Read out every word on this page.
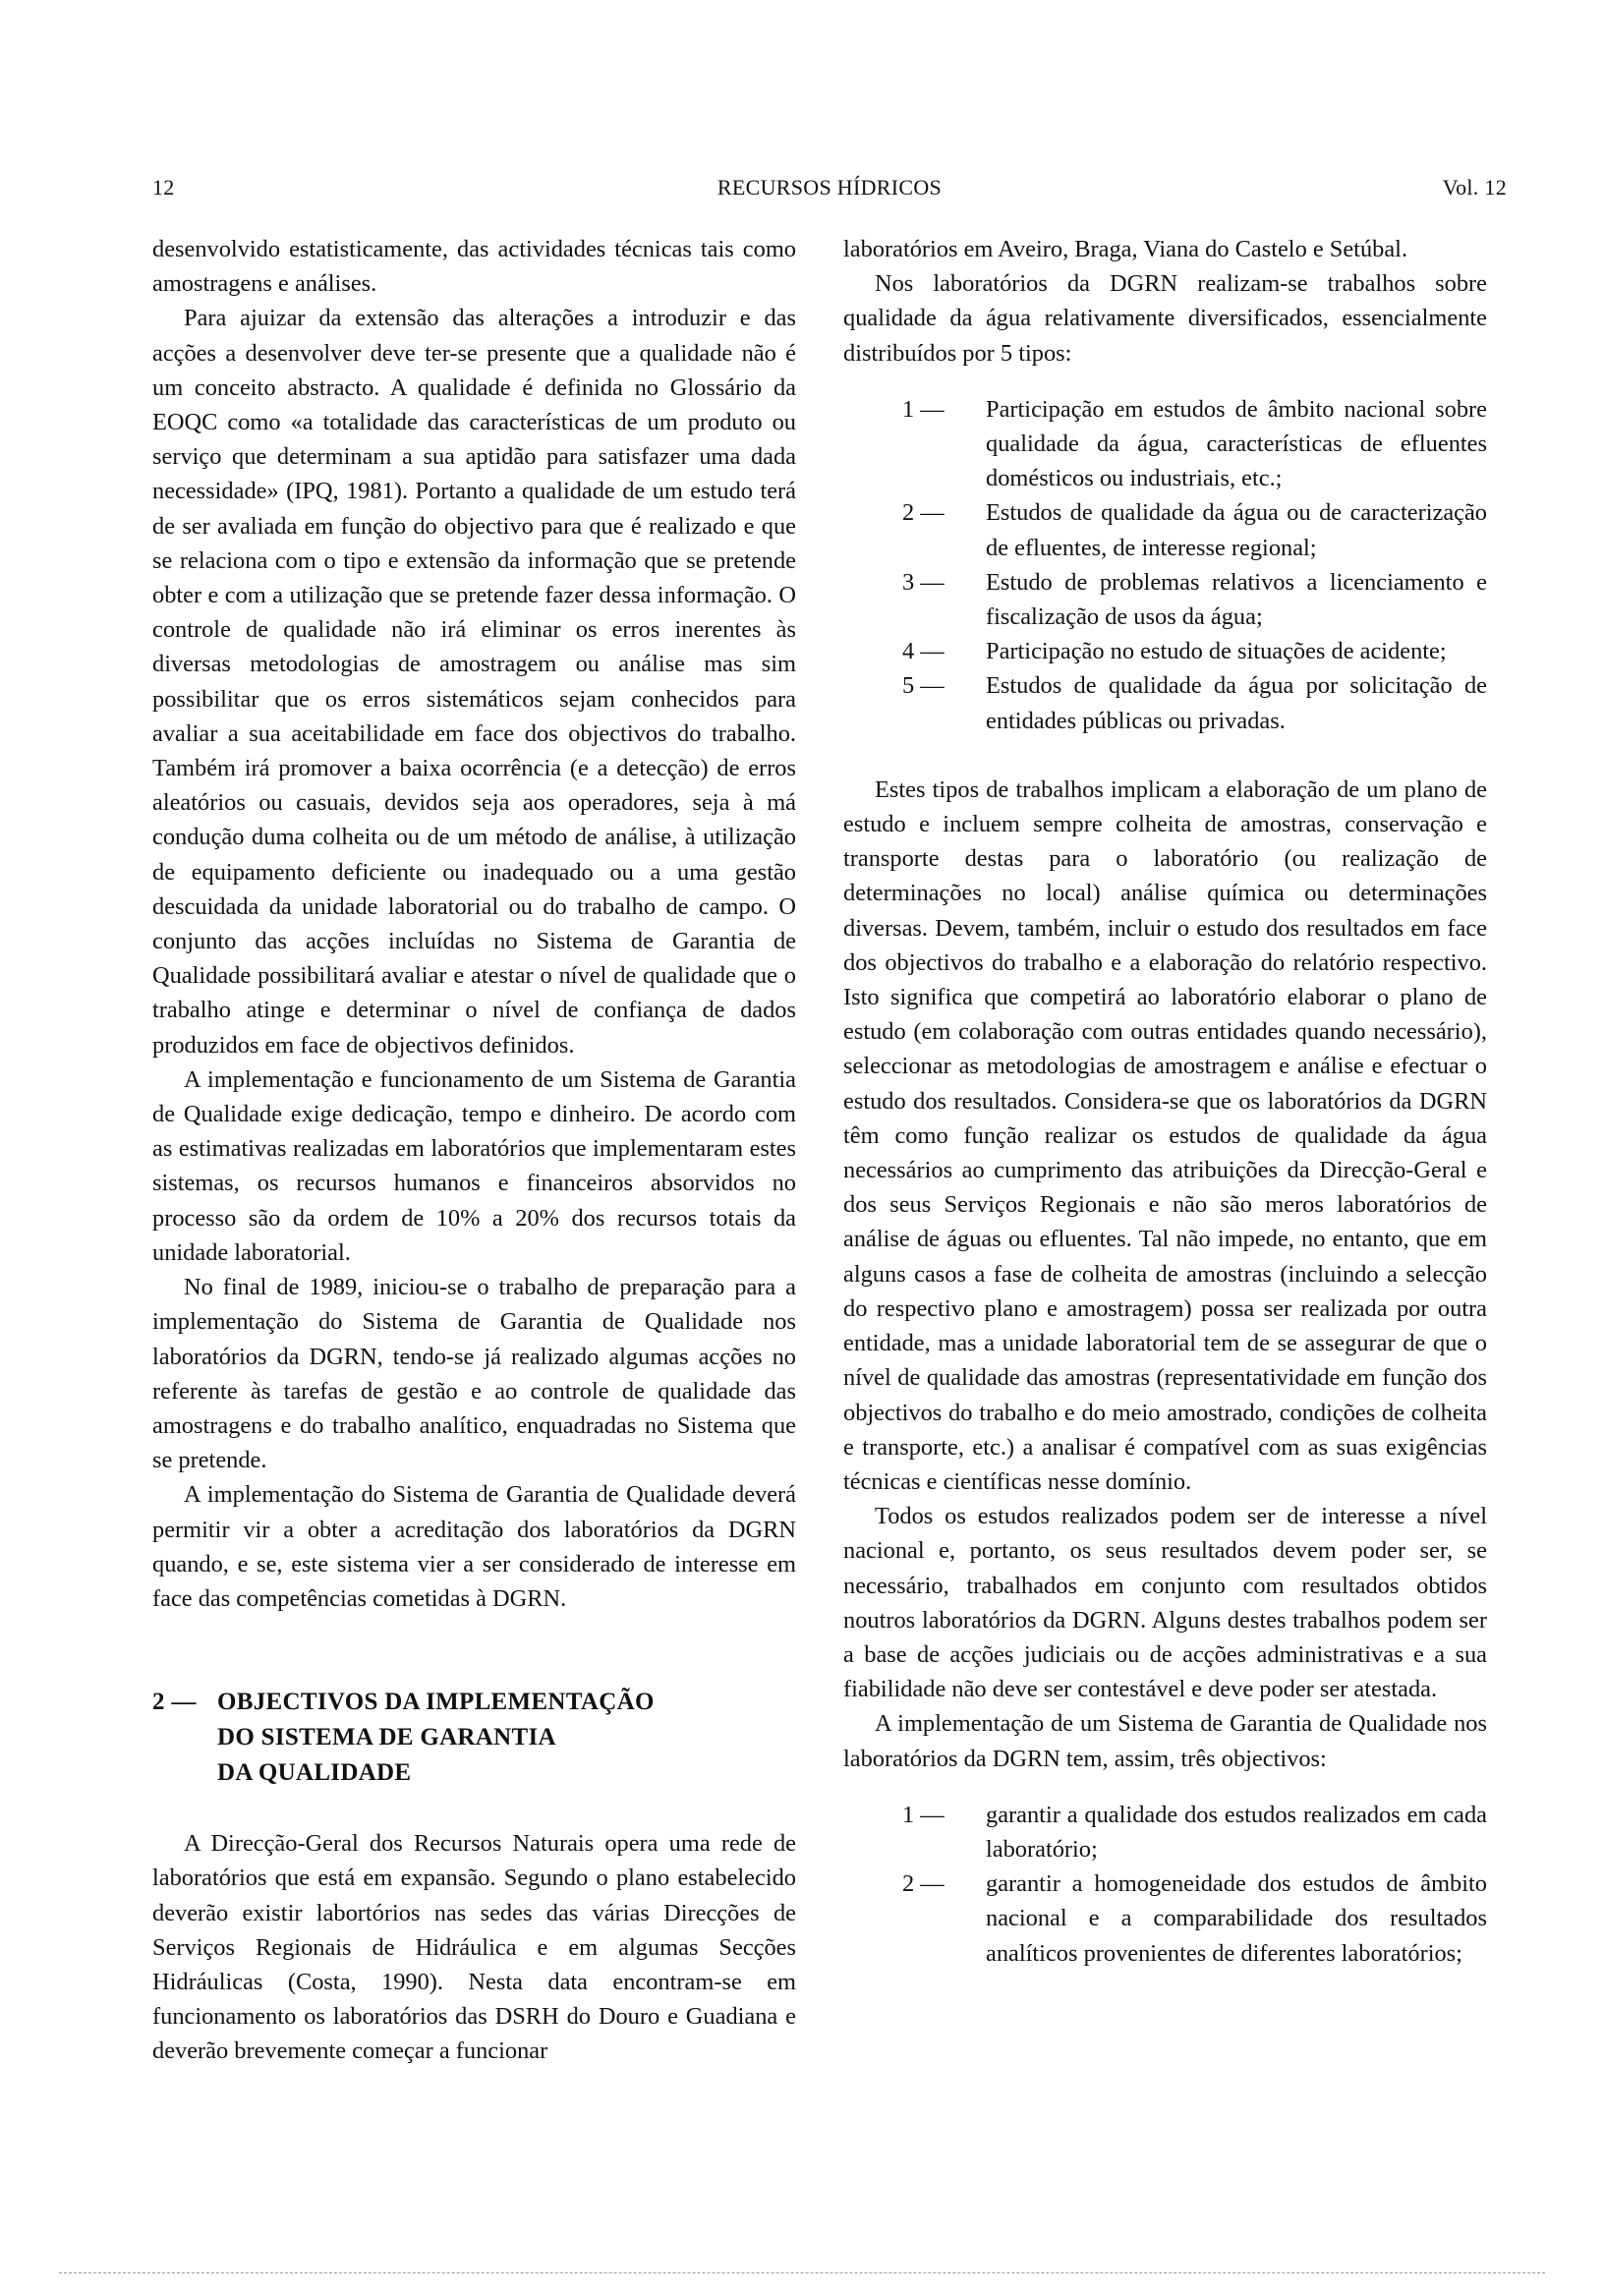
12	RECURSOS HÍDRICOS	Vol. 12

desenvolvido estatisticamente, das actividades técnicas tais como amostragens e análises.

Para ajuizar da extensão das alterações a introduzir e das acções a desenvolver deve ter-se presente que a qualidade não é um conceito abstracto. A qualidade é definida no Glossário da EOQC como «a totalidade das características de um produto ou serviço que determinam a sua aptidão para satisfazer uma dada necessidade» (IPQ, 1981). Portanto a qualidade de um estudo terá de ser avaliada em função do objectivo para que é realizado e que se relaciona com o tipo e extensão da informação que se pretende obter e com a utilização que se pretende fazer dessa informação. O controle de qualidade não irá eliminar os erros inerentes às diversas metodologias de amostragem ou análise mas sim possibilitar que os erros sistemáticos sejam conhecidos para avaliar a sua aceitabilidade em face dos objectivos do trabalho. Também irá promover a baixa ocorrência (e a detecção) de erros aleatórios ou casuais, devidos seja aos operadores, seja à má condução duma colheita ou de um método de análise, à utilização de equipamento deficiente ou inadequado ou a uma gestão descuidada da unidade laboratorial ou do trabalho de campo. O conjunto das acções incluídas no Sistema de Garantia de Qualidade possibilitará avaliar e atestar o nível de qualidade que o trabalho atinge e determinar o nível de confiança de dados produzidos em face de objectivos definidos.

A implementação e funcionamento de um Sistema de Garantia de Qualidade exige dedicação, tempo e dinheiro. De acordo com as estimativas realizadas em laboratórios que implementaram estes sistemas, os recursos humanos e financeiros absorvidos no processo são da ordem de 10% a 20% dos recursos totais da unidade laboratorial.

No final de 1989, iniciou-se o trabalho de preparação para a implementação do Sistema de Garantia de Qualidade nos laboratórios da DGRN, tendo-se já realizado algumas acções no referente às tarefas de gestão e ao controle de qualidade das amostragens e do trabalho analítico, enquadradas no Sistema que se pretende.

A implementação do Sistema de Garantia de Qualidade deverá permitir vir a obter a acreditação dos laboratórios da DGRN quando, e se, este sistema vier a ser considerado de interesse em face das competências cometidas à DGRN.

2 — OBJECTIVOS DA IMPLEMENTAÇÃO
DO SISTEMA DE GARANTIA
DA QUALIDADE

A Direcção-Geral dos Recursos Naturais opera uma rede de laboratórios que está em expansão. Segundo o plano estabelecido deverão existir labortórios nas sedes das várias Direcções de Serviços Regionais de Hidráulica e em algumas Secções Hidráulicas (Costa, 1990). Nesta data encontram-se em funcionamento os laboratórios das DSRH do Douro e Guadiana e deverão brevemente começar a funcionar

laboratórios em Aveiro, Braga, Viana do Castelo e Setúbal.

Nos laboratórios da DGRN realizam-se trabalhos sobre qualidade da água relativamente diversificados, essencialmente distribuídos por 5 tipos:

1 —	Participação em estudos de âmbito nacional sobre qualidade da água, características de efluentes domésticos ou industriais, etc.;
2 —	Estudos de qualidade da água ou de caracterização de efluentes, de interesse regional;
3 —	Estudo de problemas relativos a licenciamento e fiscalização de usos da água;
4 —	Participação no estudo de situações de acidente;
5 —	Estudos de qualidade da água por solicitação de entidades públicas ou privadas.

Estes tipos de trabalhos implicam a elaboração de um plano de estudo e incluem sempre colheita de amostras, conservação e transporte destas para o laboratório (ou realização de determinações no local) análise química ou determinações diversas. Devem, também, incluir o estudo dos resultados em face dos objectivos do trabalho e a elaboração do relatório respectivo. Isto significa que competirá ao laboratório elaborar o plano de estudo (em colaboração com outras entidades quando necessário), seleccionar as metodologias de amostragem e análise e efectuar o estudo dos resultados. Considera-se que os laboratórios da DGRN têm como função realizar os estudos de qualidade da água necessários ao cumprimento das atribuições da Direcção-Geral e dos seus Serviços Regionais e não são meros laboratórios de análise de águas ou efluentes. Tal não impede, no entanto, que em alguns casos a fase de colheita de amostras (incluindo a selecção do respectivo plano e amostragem) possa ser realizada por outra entidade, mas a unidade laboratorial tem de se assegurar de que o nível de qualidade das amostras (representatividade em função dos objectivos do trabalho e do meio amostrado, condições de colheita e transporte, etc.) a analisar é compatível com as suas exigências técnicas e científicas nesse domínio.

Todos os estudos realizados podem ser de interesse a nível nacional e, portanto, os seus resultados devem poder ser, se necessário, trabalhados em conjunto com resultados obtidos noutros laboratórios da DGRN. Alguns destes trabalhos podem ser a base de acções judiciais ou de acções administrativas e a sua fiabilidade não deve ser contestável e deve poder ser atestada.

A implementação de um Sistema de Garantia de Qualidade nos laboratórios da DGRN tem, assim, três objectivos:

1 —	garantir a qualidade dos estudos realizados em cada laboratório;
2 —	garantir a homogeneidade dos estudos de âmbito nacional e a comparabilidade dos resultados analíticos provenientes de diferentes laboratórios;
